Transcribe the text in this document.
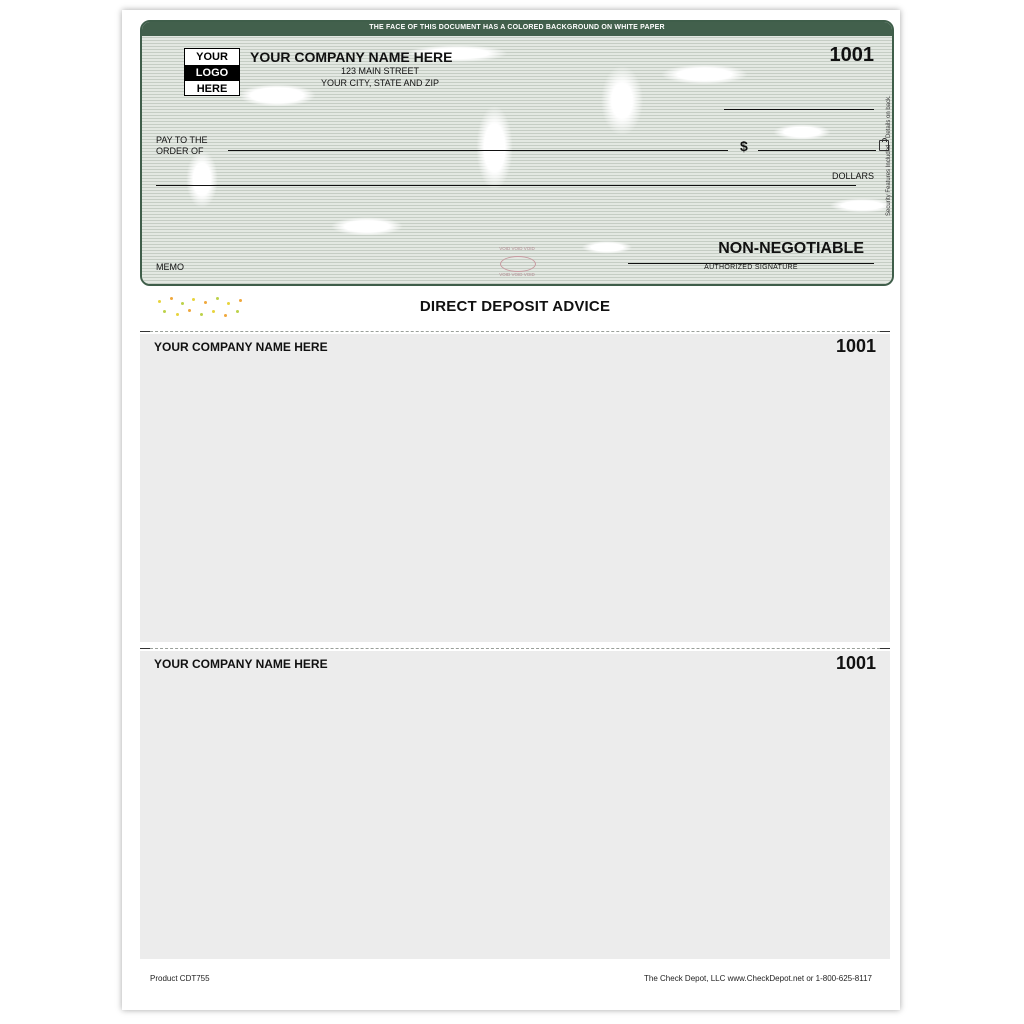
THE FACE OF THIS DOCUMENT HAS A COLORED BACKGROUND ON WHITE PAPER
YOUR
LOGO
HERE
YOUR COMPANY NAME HERE
123 MAIN STREET
YOUR CITY, STATE AND ZIP
1001
PAY TO THE
ORDER OF	$
DOLLARS
MEMO
NON-NEGOTIABLE
AUTHORIZED SIGNATURE
VOID VOID VOID
VOID VOID VOID
Security Features Included
Details on back.
DIRECT DEPOSIT ADVICE
YOUR COMPANY NAME HERE	1001
YOUR COMPANY NAME HERE	1001
Product CDT755	The Check Depot, LLC www.CheckDepot.net or 1-800-625-8117
